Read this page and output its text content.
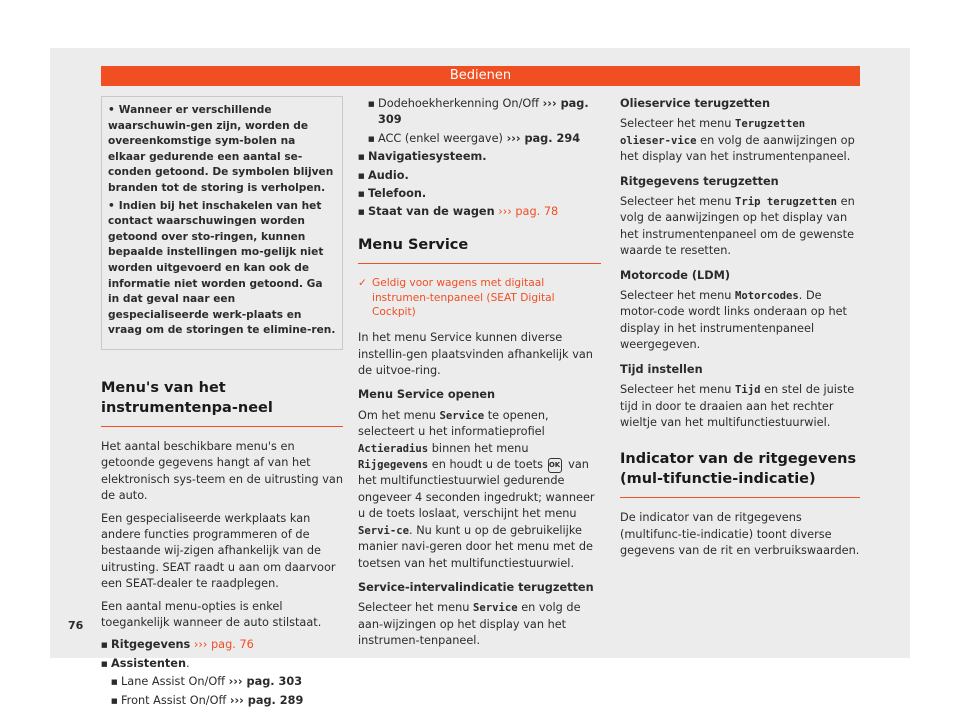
Bedienen

• Wanneer er verschillende waarschuwin-gen zijn, worden de overeenkomstige sym-bolen na elkaar gedurende een aantal se-conden getoond. De symbolen blijven branden tot de storing is verholpen.

• Indien bij het inschakelen van het contact waarschuwingen worden getoond over sto-ringen, kunnen bepaalde instellingen mo-gelijk niet worden uitgevoerd en kan ook de informatie niet worden getoond. Ga in dat geval naar een gespecialiseerde werk-plaats en vraag om de storingen te elimine-ren.

Menu's van het instrumentenpa-neel

Het aantal beschikbare menu's en getoonde gegevens hangt af van het elektronisch sys-teem en de uitrusting van de auto.

Een gespecialiseerde werkplaats kan andere functies programmeren of de bestaande wij-zigen afhankelijk van de uitrusting. SEAT raadt u aan om daarvoor een SEAT-dealer te raadplegen.

Een aantal menu-opties is enkel toegankelijk wanneer de auto stilstaat.

■ Ritgegevens ››› pag. 76
■ Assistenten.
■ Lane Assist On/Off ››› pag. 303
■ Front Assist On/Off ››› pag. 289
■ Dodehoekherkenning On/Off ››› pag. 309
■ ACC (enkel weergave) ››› pag. 294
■ Navigatiesysteem.
■ Audio.
■ Telefoon.
■ Staat van de wagen ››› pag. 78
Menu Service
✓ Geldig voor wagens met digitaal instrumen-tenpaneel (SEAT Digital Cockpit)

In het menu Service kunnen diverse instellin-gen plaatsvinden afhankelijk van de uitvoe-ring.

Menu Service openen

Om het menu Service te openen, selecteert u het informatieprofiel Actieradius binnen het menu Rijgegevens en houdt u de toets OK van het multifunctiestuurwiel gedurende ongeveer 4 seconden ingedrukt; wanneer u de toets loslaat, verschijnt het menu Servi-ce. Nu kunt u op de gebruikelijke manier navi-geren door het menu met de toetsen van het multifunctiestuurwiel.

Service-intervalindicatie terugzetten

Selecteer het menu Service en volg de aan-wijzingen op het display van het instrumen-tenpaneel.

Olieservice terugzetten

Selecteer het menu Terugzetten olieser-vice en volg de aanwijzingen op het display van het instrumentenpaneel.

Ritgegevens terugzetten

Selecteer het menu Trip terugzetten en volg de aanwijzingen op het display van het instrumentenpaneel om de gewenste waarde te resetten.

Motorcode (LDM)

Selecteer het menu Motorcodes. De motor-code wordt links onderaan op het display in het instrumentenpaneel weergegeven.

Tijd instellen

Selecteer het menu Tijd en stel de juiste tijd in door te draaien aan het rechter wieltje van het multifunctiestuurwiel.

Indicator van de ritgegevens (mul-tifunctie-indicatie)

De indicator van de ritgegevens (multifunc-tie-indicatie) toont diverse gegevens van de rit en verbruikswaarden.

76
